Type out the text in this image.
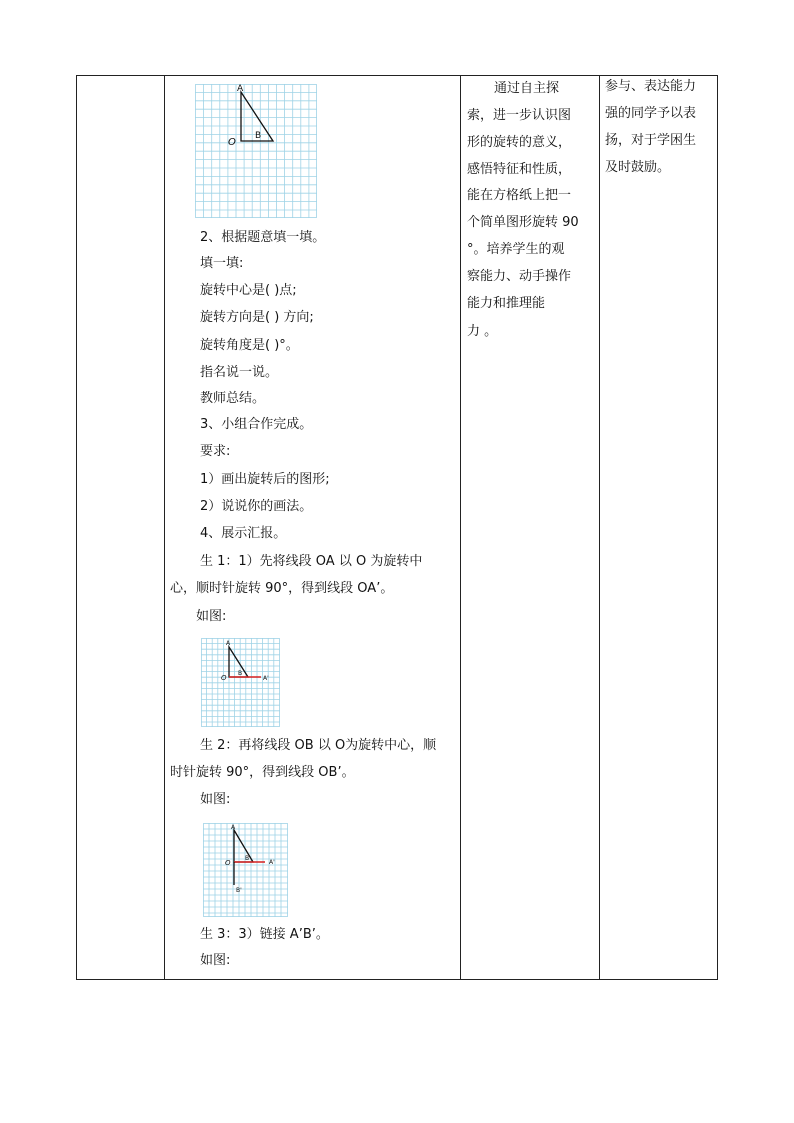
A
O
B
2、根据题意填一填。
填一填:
旋转中心是( )点;
旋转方向是( ) 方向;
旋转角度是( )°。
指名说一说。
教师总结。
3、小组合作完成。
要求:
1）画出旋转后的图形;
2）说说你的画法。
4、展示汇报。
生 1：1）先将线段 OA 以 O 为旋转中
心，顺时针旋转 90°，得到线段 OA’。
如图:
生 2：再将线段 OB 以 O为旋转中心，顺
时针旋转 90°，得到线段 OB’。
如图:
生 3：3）链接 A’B’。
如图:
A
O
B
A'
A
O
B
A'
B'
通过自主探
索，进一步认识图
形的旋转的意义，
感悟特征和性质，
能在方格纸上把一
个简单图形旋转 90
°。培养学生的观
察能力、动手操作
能力和推理能
力 。
参与、表达能力
强的同学予以表
扬，对于学困生
及时鼓励。
